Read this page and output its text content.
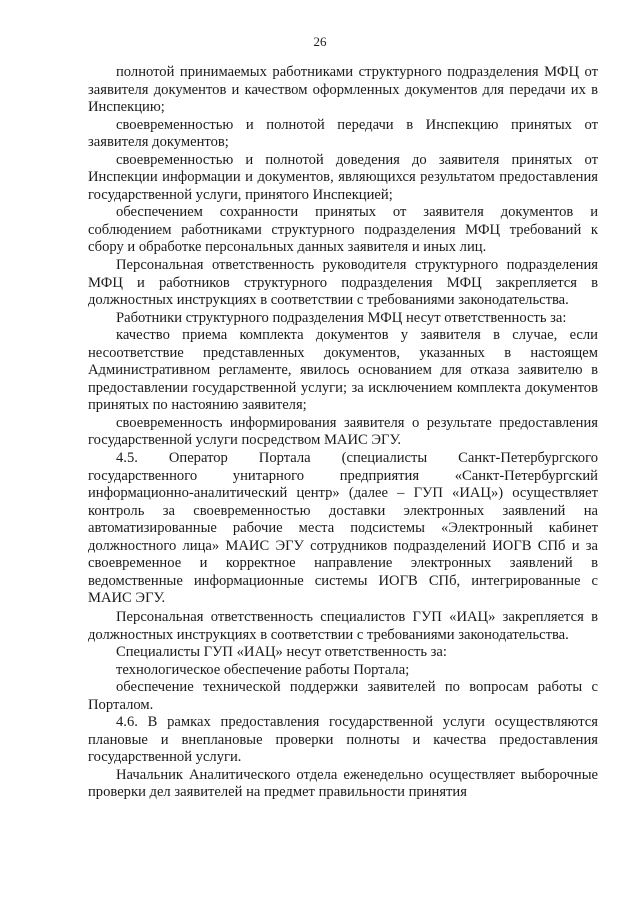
26

полнотой принимаемых работниками структурного подразделения МФЦ от заявителя документов и качеством оформленных документов для передачи их в Инспекцию;

своевременностью и полнотой передачи в Инспекцию принятых от заявителя документов;

своевременностью и полнотой доведения до заявителя принятых от Инспекции информации и документов, являющихся результатом предоставления государственной услуги, принятого Инспекцией;

обеспечением сохранности принятых от заявителя документов и соблюдением работниками структурного подразделения МФЦ требований к сбору и обработке персональных данных заявителя и иных лиц.

Персональная ответственность руководителя структурного подразделения МФЦ и работников структурного подразделения МФЦ закрепляется в должностных инструкциях в соответствии с требованиями законодательства.

Работники структурного подразделения МФЦ несут ответственность за:

качество приема комплекта документов у заявителя в случае, если несоответствие представленных документов, указанных в настоящем Административном регламенте, явилось основанием для отказа заявителю в предоставлении государственной услуги; за исключением комплекта документов принятых по настоянию заявителя;

своевременность информирования заявителя о результате предоставления государственной услуги посредством МАИС ЭГУ.

4.5. Оператор Портала (специалисты Санкт-Петербургского государственного унитарного предприятия «Санкт-Петербургский информационно-аналитический центр» (далее – ГУП «ИАЦ») осуществляет контроль за своевременностью доставки электронных заявлений на автоматизированные рабочие места подсистемы «Электронный кабинет должностного лица» МАИС ЭГУ сотрудников подразделений ИОГВ СПб и за своевременное и корректное направление электронных заявлений в ведомственные информационные системы ИОГВ СПб, интегрированные с МАИС ЭГУ.

Персональная ответственность специалистов ГУП «ИАЦ» закрепляется в должностных инструкциях в соответствии с требованиями законодательства.

Специалисты ГУП «ИАЦ» несут ответственность за:

технологическое обеспечение работы Портала;

обеспечение технической поддержки заявителей по вопросам работы с Порталом.

4.6. В рамках предоставления государственной услуги осуществляются плановые и внеплановые проверки полноты и качества предоставления государственной услуги.

Начальник Аналитического отдела еженедельно осуществляет выборочные проверки дел заявителей на предмет правильности принятия
